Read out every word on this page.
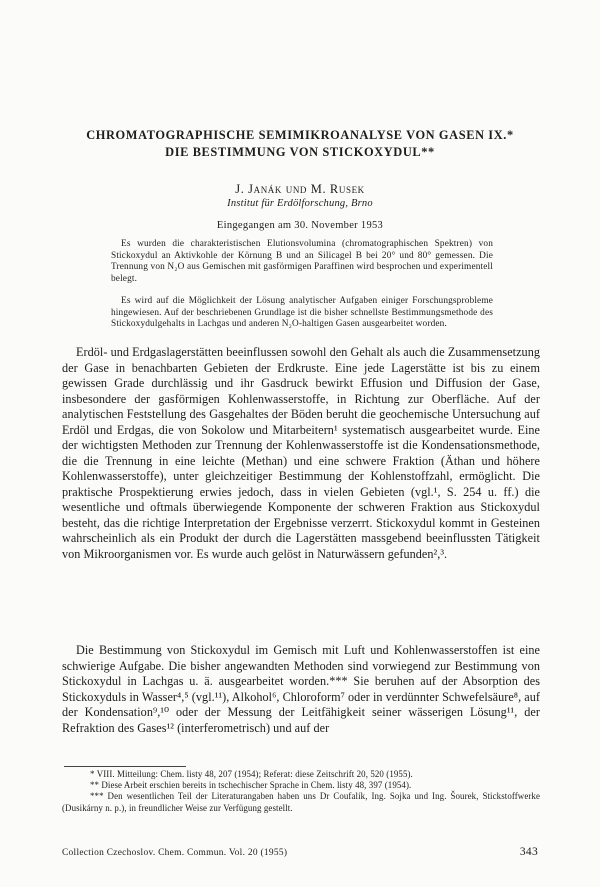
CHROMATOGRAPHISCHE SEMIMIKROANALYSE VON GASEN IX.*
DIE BESTIMMUNG VON STICKOXYDUL**
J. Janák und M. Rusek
Institut für Erdölforschung, Brno
Eingegangen am 30. November 1953

Es wurden die charakteristischen Elutionsvolumina (chromatographischen Spektren) von Stickoxydul an Aktivkohle der Körnung B und an Silicagel B bei 20° und 80° gemessen. Die Trennung von N₂O aus Gemischen mit gasförmigen Paraffinen wird besprochen und experimentell belegt.

Es wird auf die Möglichkeit der Lösung analytischer Aufgaben einiger Forschungsprobleme hingewiesen. Auf der beschriebenen Grundlage ist die bisher schnellste Bestimmungsmethode des Stickoxydulgehalts in Lachgas und anderen N₂O-haltigen Gasen ausgearbeitet worden.

Erdöl- und Erdgaslagerstätten beeinflussen sowohl den Gehalt als auch die Zusammensetzung der Gase in benachbarten Gebieten der Erdkruste. Eine jede Lagerstätte ist bis zu einem gewissen Grade durchlässig und ihr Gasdruck bewirkt Effusion und Diffusion der Gase, insbesondere der gasförmigen Kohlenwasserstoffe, in Richtung zur Oberfläche. Auf der analytischen Feststellung des Gasgehaltes der Böden beruht die geochemische Untersuchung auf Erdöl und Erdgas, die von Sokolow und Mitarbeitern¹ systematisch ausgearbeitet wurde. Eine der wichtigsten Methoden zur Trennung der Kohlenwasserstoffe ist die Kondensationsmethode, die die Trennung in eine leichte (Methan) und eine schwere Fraktion (Äthan und höhere Kohlenwasserstoffe), unter gleichzeitiger Bestimmung der Kohlenstoffzahl, ermöglicht. Die praktische Prospektierung erwies jedoch, dass in vielen Gebieten (vgl.¹, S. 254 u. ff.) die wesentliche und oftmals überwiegende Komponente der schweren Fraktion aus Stickoxydul besteht, das die richtige Interpretation der Ergebnisse verzerrt. Stickoxydul kommt in Gesteinen wahrscheinlich als ein Produkt der durch die Lagerstätten massgebend beeinflussten Tätigkeit von Mikroorganismen vor. Es wurde auch gelöst in Naturwässern gefunden²,³.

Die Bestimmung von Stickoxydul im Gemisch mit Luft und Kohlenwasserstoffen ist eine schwierige Aufgabe. Die bisher angewandten Methoden sind vorwiegend zur Bestimmung von Stickoxydul in Lachgas u. ä. ausgearbeitet worden.*** Sie beruhen auf der Absorption des Stickoxyduls in Wasser⁴,⁵ (vgl.¹¹), Alkohol⁶, Chloroform⁷ oder in verdünnter Schwefelsäure⁸, auf der Kondensation⁹,¹⁰ oder der Messung der Leitfähigkeit seiner wässerigen Lösung¹¹, der Refraktion des Gases¹² (interferometrisch) und auf der

* VIII. Mitteilung: Chem. listy 48, 207 (1954); Referat: diese Zeitschrift 20, 520 (1955).

** Diese Arbeit erschien bereits in tschechischer Sprache in Chem. listy 48, 397 (1954).

*** Den wesentlichen Teil der Literaturangaben haben uns Dr Coufalík, Ing. Sojka und Ing. Šourek, Stickstoffwerke (Dusikárny n. p.), in freundlicher Weise zur Verfügung gestellt.

Collection Czechoslov. Chem. Commun. Vol. 20 (1955)	343
